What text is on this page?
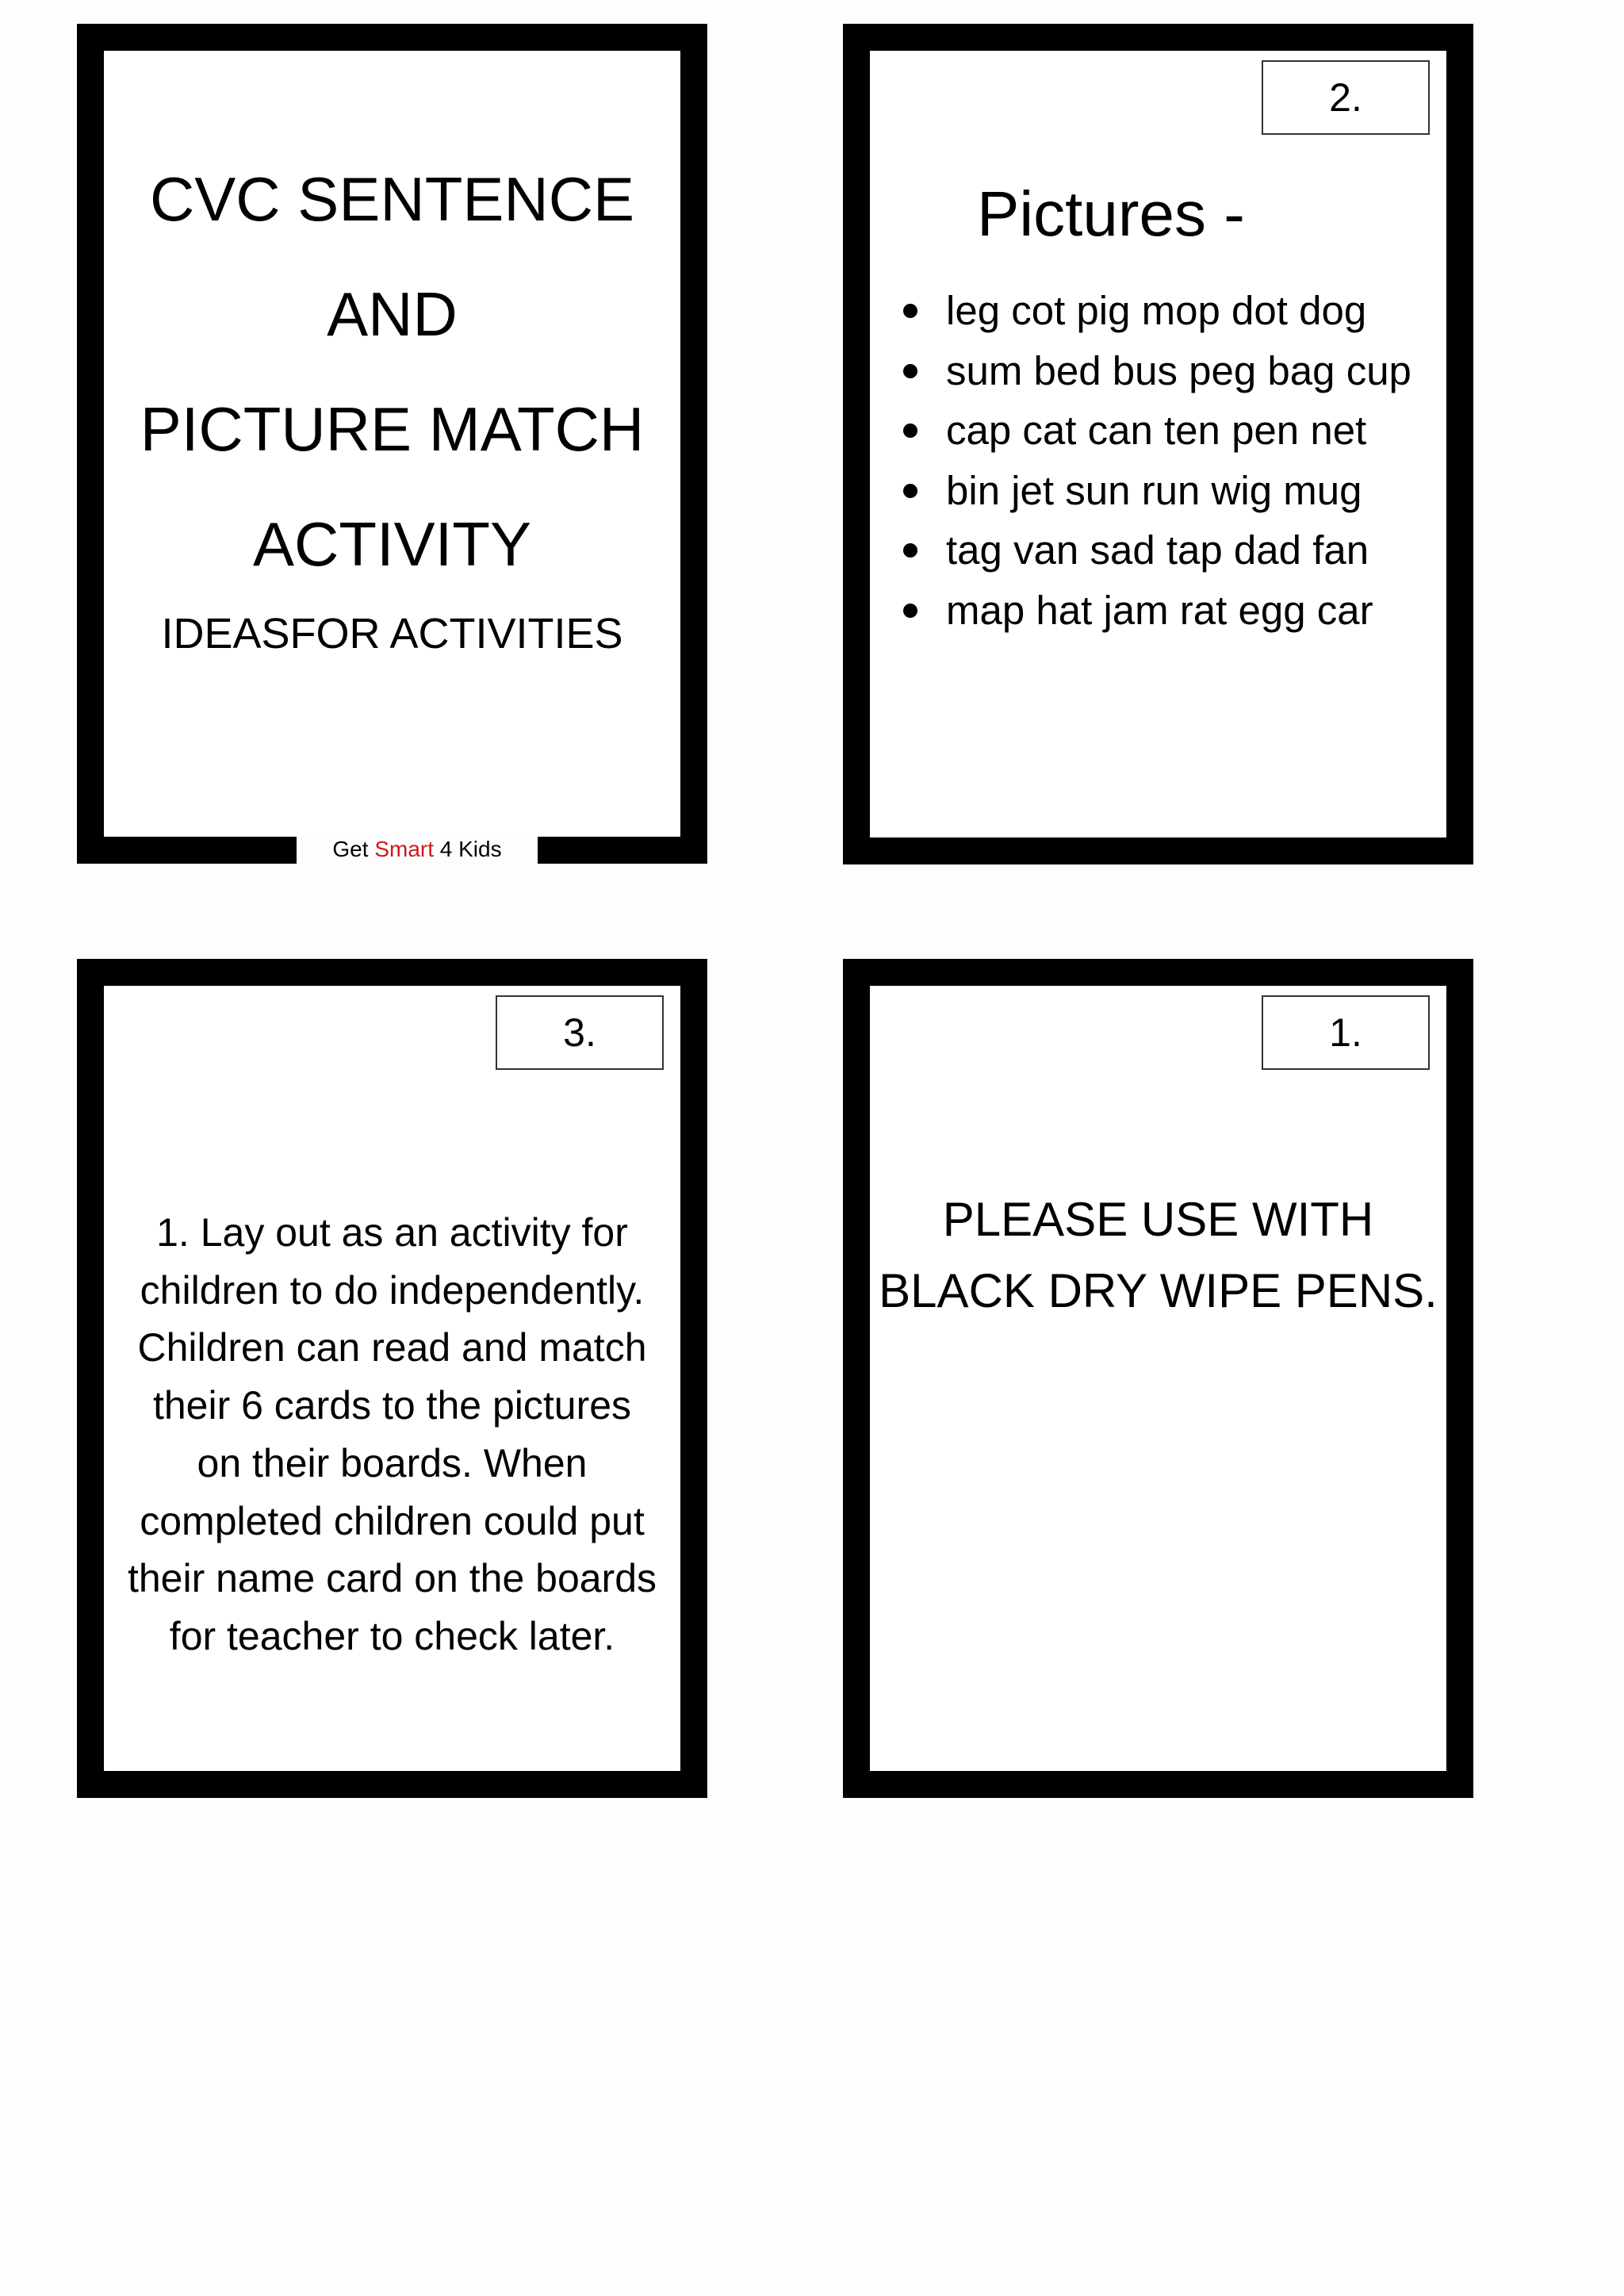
CVC SENTENCE

AND

PICTURE MATCH

ACTIVITY

IDEASFOR ACTIVITIES
Get Smart 4 Kids
2.
Pictures -
leg cot pig mop dot dog
sum bed bus peg bag cup
cap cat can ten pen net
bin jet sun run wig mug
tag van sad tap dad fan
map hat jam rat egg car
3.

1. Lay out as an activity for
children to do independently.
Children can read and match
their 6 cards to the pictures
on their boards. When
completed children could put
their name card on the boards
for teacher to check later.

1.

PLEASE USE WITH
BLACK DRY WIPE PENS.
